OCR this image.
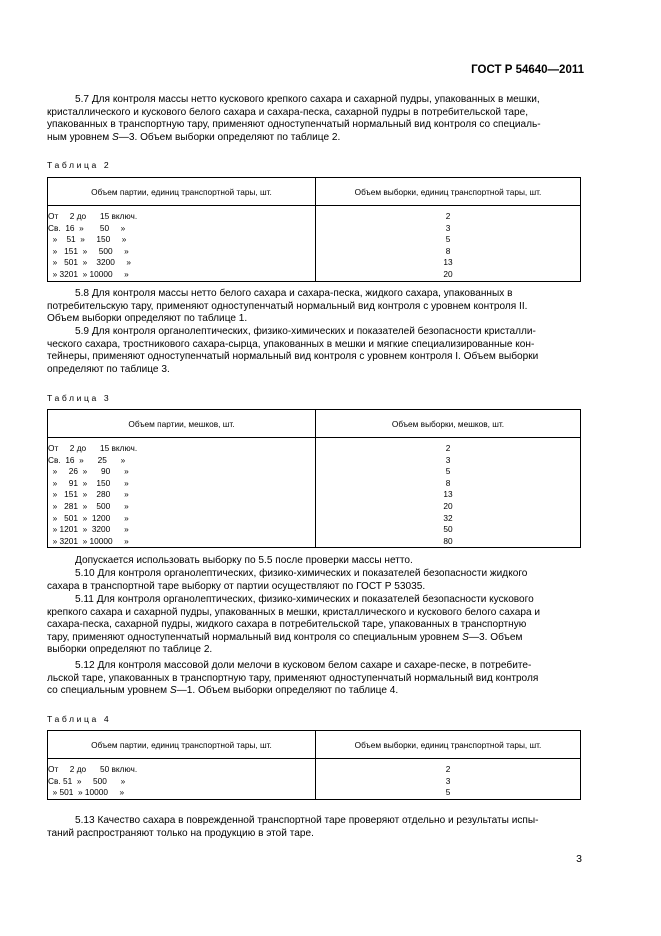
ГОСТ Р 54640—2011
5.7 Для контроля массы нетто кускового крепкого сахара и сахарной пудры, упакованных в мешки,
кристаллического и кускового белого сахара и сахара-песка, сахарной пудры в потребительской таре,
упакованных в транспортную тару, применяют одноступенчатый нормальный вид контроля со специаль-
ным уровнем S—3. Объем выборки определяют по таблице 2.
Таблица 2
Объем партии, единиц транспортной тары, шт.	Объем выборки, единиц транспортной тары, шт.

От     2 до      15 включ.	2
Св.  16  »       50     »	3
»    51  »     150     »	5
»   151  »     500     »	8
»   501  »    3200     »	13
» 3201  » 10000     »	20
5.8 Для контроля массы нетто белого сахара и сахара-песка, жидкого сахара, упакованных в
потребительскую тару, применяют одноступенчатый нормальный вид контроля с уровнем контроля II.
Объем выборки определяют по таблице 1.
5.9 Для контроля органолептических, физико-химических и показателей безопасности кристалли-
ческого сахара, тростникового сахара-сырца, упакованных в мешки и мягкие специализированные кон-
тейнеры, применяют одноступенчатый нормальный вид контроля с уровнем контроля I. Объем выборки
определяют по таблице 3.
Таблица 3
Объем партии, мешков, шт.	Объем выборки, мешков, шт.

От     2 до      15 включ.	2
Св.  16  »      25      »	3
»     26  »      90      »	5
»     91  »    150      »	8
»   151  »    280      »	13
»   281  »    500      »	20
»   501  »  1200      »	32
» 1201  »  3200      »	50
» 3201  » 10000     »	80
Допускается использовать выборку по 5.5 после проверки массы нетто.
5.10 Для контроля органолептических, физико-химических и показателей безопасности жидкого
сахара в транспортной таре выборку от партии осуществляют по ГОСТ Р 53035.
5.11 Для контроля органолептических, физико-химических и показателей безопасности кускового
крепкого сахара и сахарной пудры, упакованных в мешки, кристаллического и кускового белого сахара и
сахара-песка, сахарной пудры, жидкого сахара в потребительской таре, упакованных в транспортную
тару, применяют одноступенчатый нормальный вид контроля со специальным уровнем S—3. Объем
выборки определяют по таблице 2.
5.12 Для контроля массовой доли мелочи в кусковом белом сахаре и сахаре-песке, в потребите-
льской таре, упакованных в транспортную тару, применяют одноступенчатый нормальный вид контроля
со специальным уровнем S—1. Объем выборки определяют по таблице 4.
Таблица 4
Объем партии, единиц транспортной тары, шт.	Объем выборки, единиц транспортной тары, шт.

От     2 до      50 включ.	2
Св. 51  »     500      »	3
» 501  » 10000     »	5
5.13 Качество сахара в поврежденной транспортной таре проверяют отдельно и результаты испы-
таний распространяют только на продукцию в этой таре.
3
